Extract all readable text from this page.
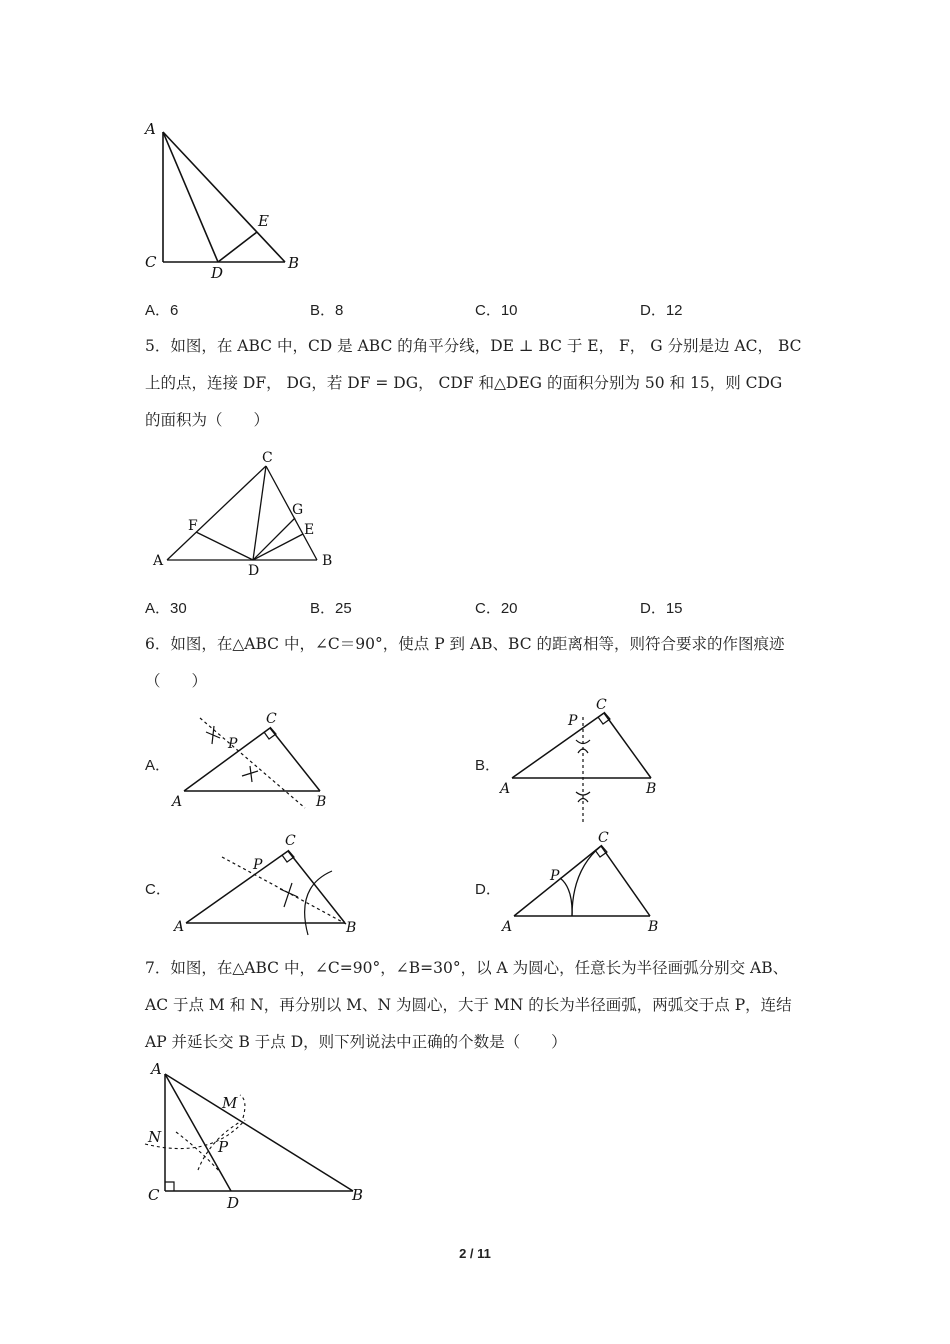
A
C
D
E
B
A．6	B．8	C．10	D．12
5．如图，在 ABC 中，CD 是 ABC 的角平分线，DE ⊥ BC 于 E， F， G 分别是边 AC， BC
上的点，连接 DF， DG，若 DF = DG， CDF 和△DEG 的面积分别为 50 和 15，则 CDG
的面积为（　　）
C
F
G
E
A
D
B
A．30	B．25	C．20	D．15
6．如图，在△ABC 中，∠C＝90°，使点 P 到 AB、BC 的距离相等，则符合要求的作图痕迹
（　　）
A．
C
P
A	B
B．
C
P
A	B
C．
C
P
A	B
D．
C
P
A	B
7．如图，在△ABC 中，∠C=90°，∠B=30°，以 A 为圆心，任意长为半径画弧分别交 AB、
AC 于点 M 和 N，再分别以 M、N 为圆心，大于 MN 的长为半径画弧，两弧交于点 P，连结
AP 并延长交 B 于点 D，则下列说法中正确的个数是（　　）
A
M
N
P
C	D	B
2 / 11
